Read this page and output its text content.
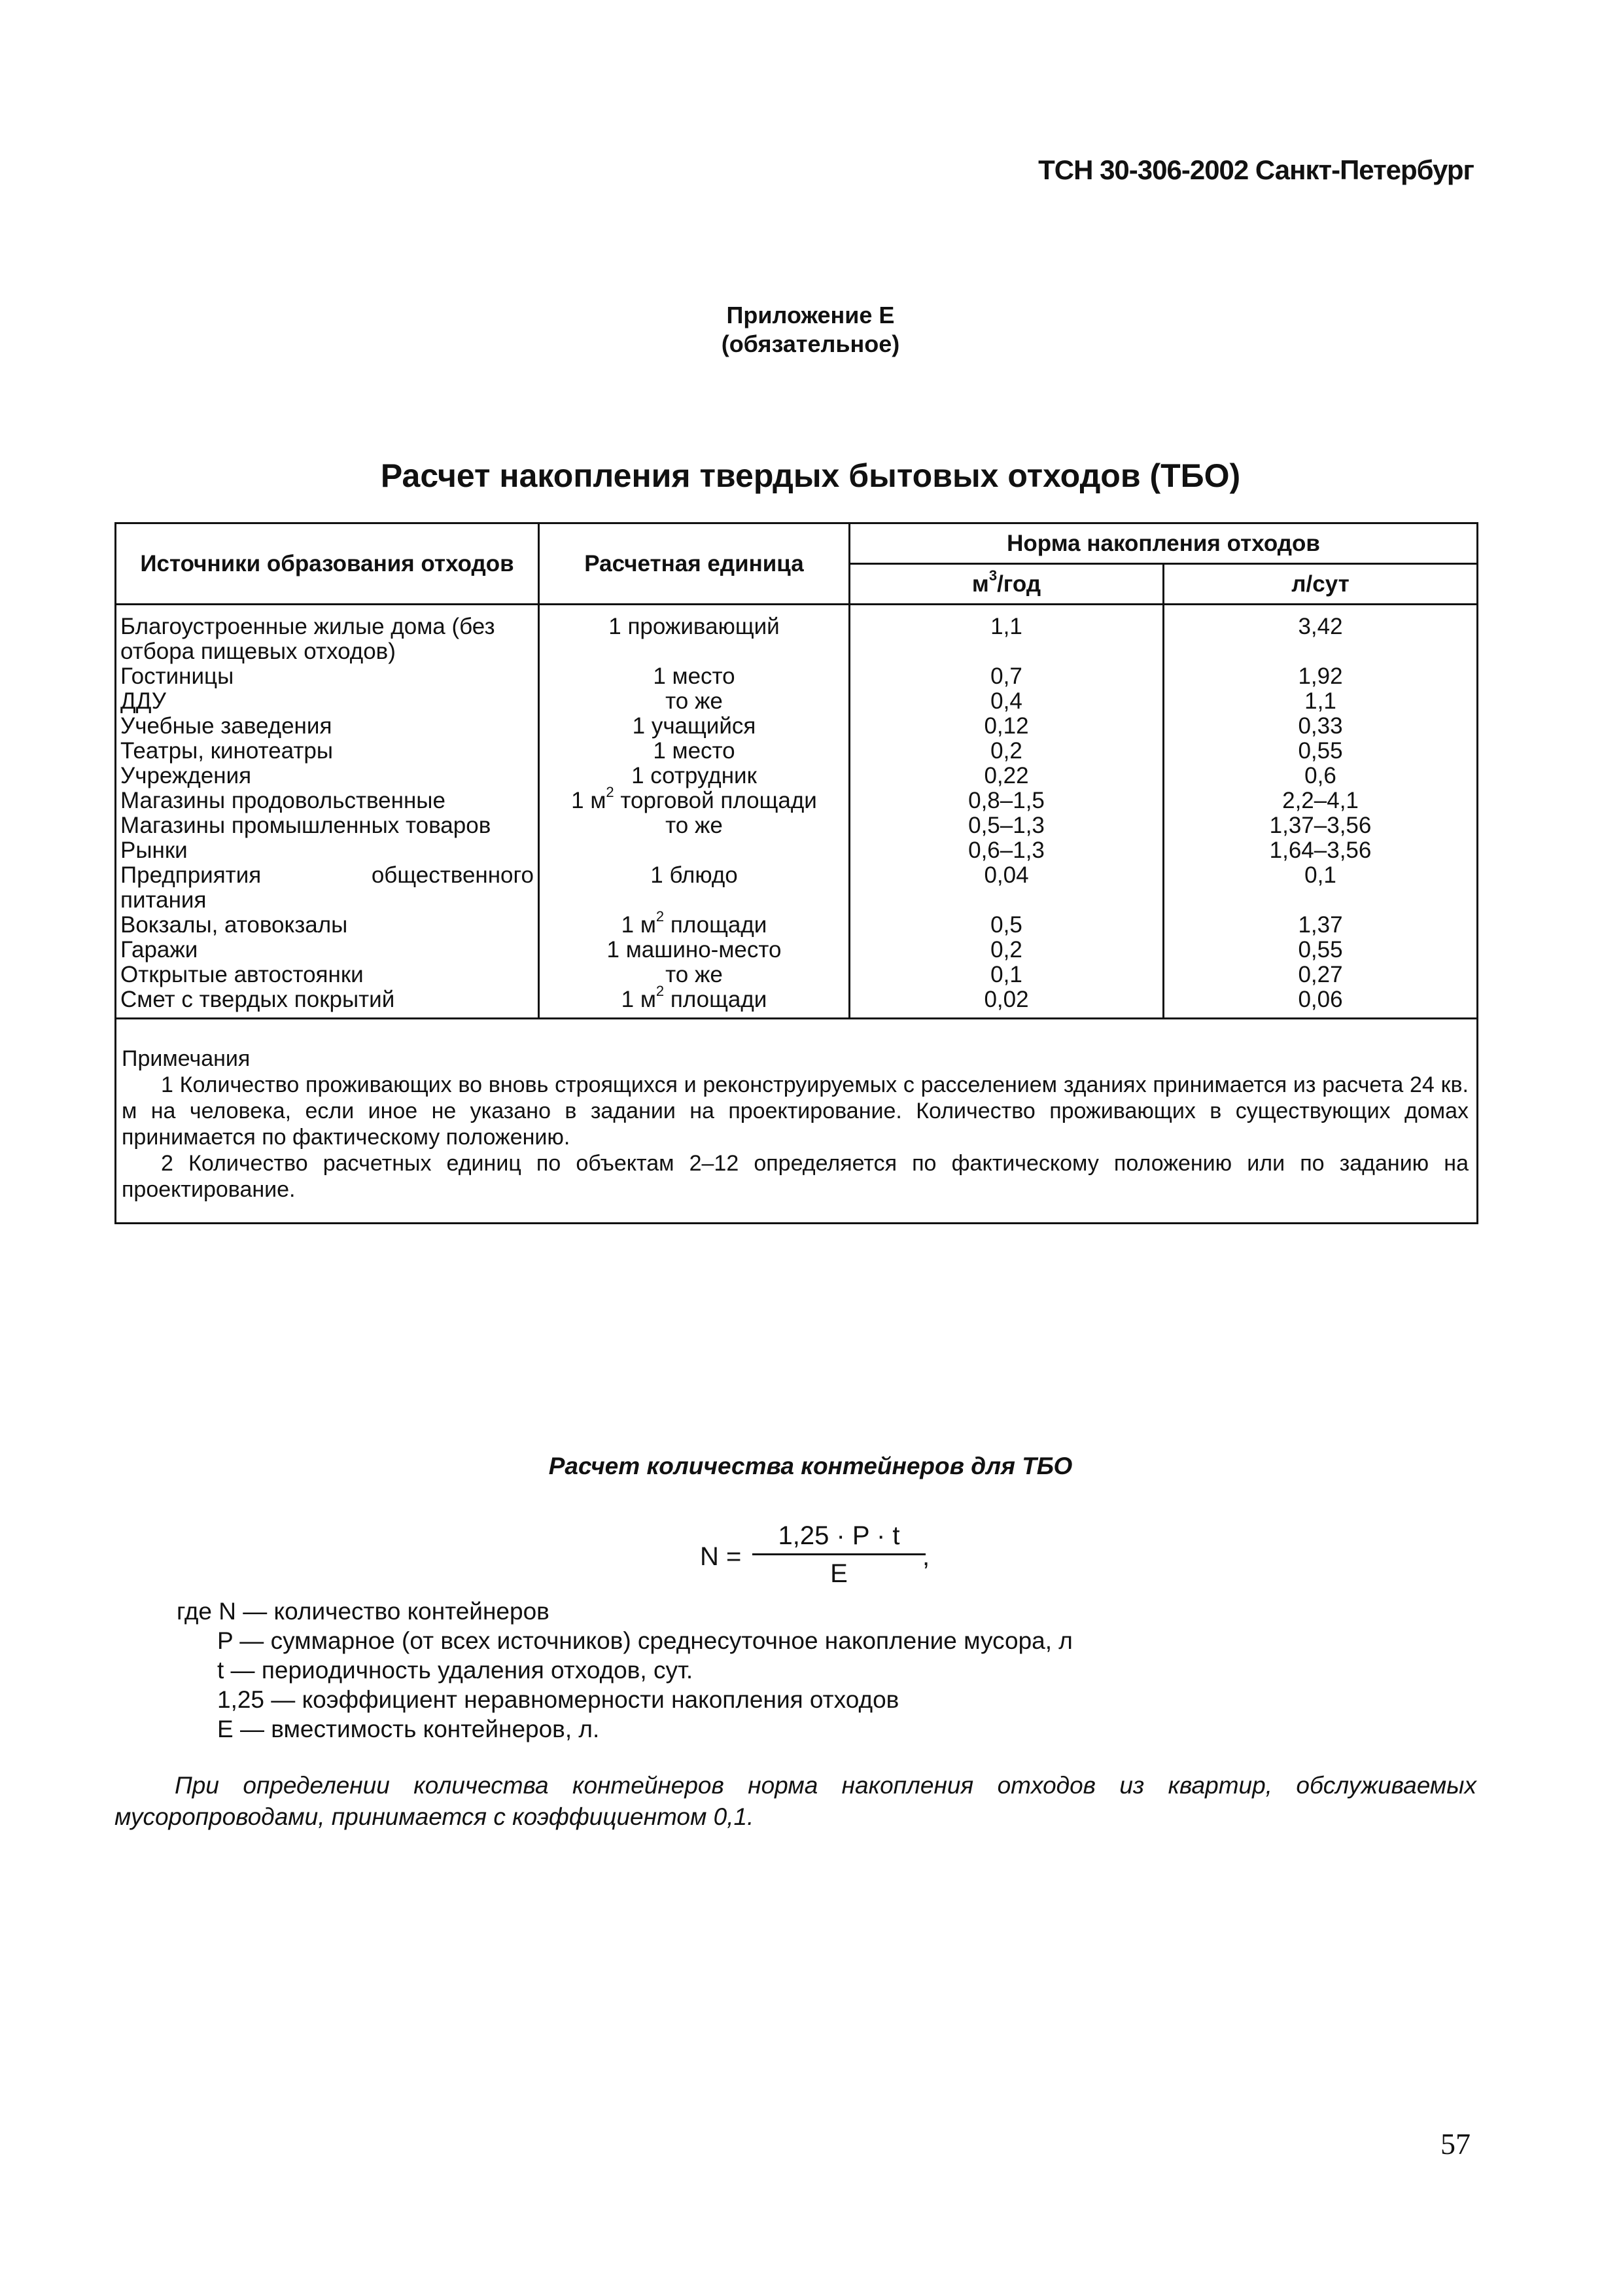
ТСН 30-306-2002 Санкт-Петербург
Приложение Е
(обязательное)
Расчет накопления твердых бытовых отходов (ТБО)
Источники образования отходов	Расчетная единица	Норма накопления отходов	
		$м^3$/год	л/сут
Благоустроенные жилые дома (без отбора пищевых отходов)	1 проживающий	1,1	3,42
Гостиницы	1 место	0,7	1,92
ДДУ	то же	0,4	1,1
Учебные заведения	1 учащийся	0,12	0,33
Театры, кинотеатры	1 место	0,2	0,55
Учреждения	1 сотрудник	0,22	0,6
Магазины продовольственные	1 $м^2$ торговой площади	0,8–1,5	2,2–4,1
Магазины промышленных товаров	то же	0,5–1,3	1,37–3,56
Рынки		0,6–1,3	1,64–3,56

Предприятия общественного
питания	1 блюдо	0,04	0,1
Вокзалы, атовокзалы	1 $м^2$ площади	0,5	1,37
Гаражи	1 машино-место	0,2	0,55
Открытые автостоянки	то же	0,1	0,27
Смет с твердых покрытий	1 $м^2$ площади	0,02	0,06

Примечания
1 Количество проживающих во вновь строящихся и реконструируемых с расселением зданиях принимается из расчета 24 кв. м на человека, если иное не указано в задании на проектирование. Количество проживающих в существующих домах принимается по фактическому положению.
2 Количество расчетных единиц по объектам 2–12 определяется по фактическому положению или по заданию на проектирование.			
Расчет количества контейнеров для ТБО
N =
1,25 · P · t
E
,
где N — количество контейнеров
P — суммарное (от всех источников) среднесуточное накопление мусора, л
t — периодичность удаления отходов, сут.
1,25 — коэффициент неравномерности накопления отходов
E — вместимость контейнеров, л.
При определении количества контейнеров норма накопления отходов из квартир, обслуживаемых мусоропроводами, принимается с коэффициентом 0,1.
57
